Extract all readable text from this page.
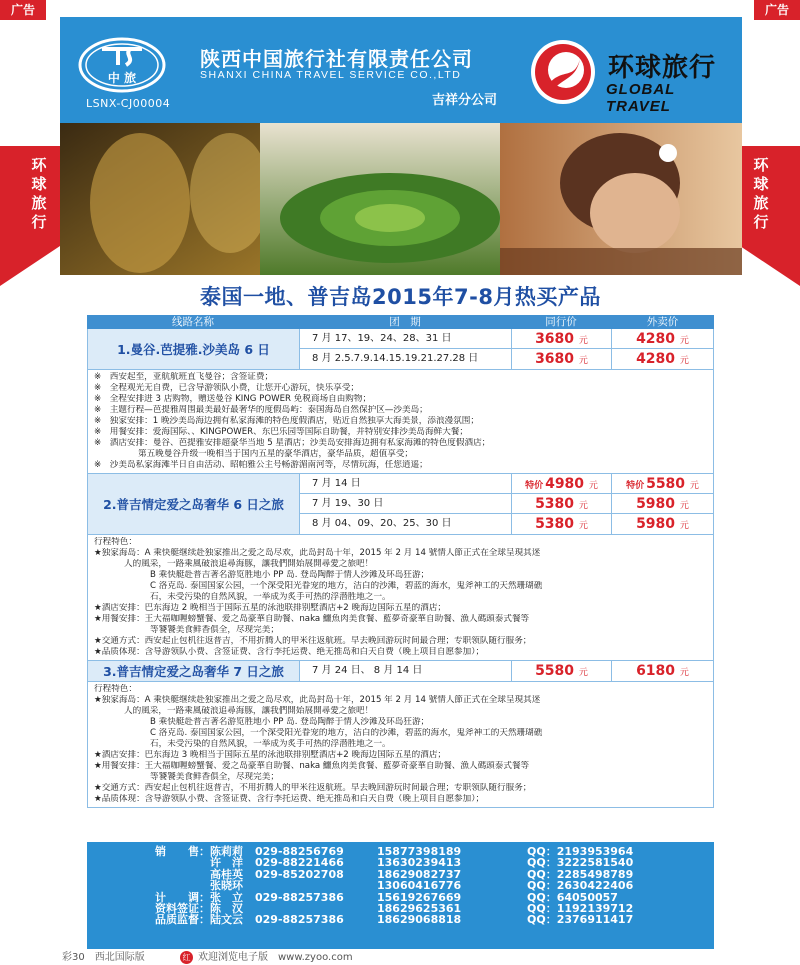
广告	广告
中 旅
LSNX-CJ00004
陕西中国旅行社有限责任公司
SHANXI CHINA TRAVEL SERVICE CO.,LTD
吉祥分公司
环球旅行
GLOBAL TRAVEL
环
球
旅
行
环
球
旅
行
泰国一地、普吉岛2015年7-8月热买产品
线路名称	团　期	同行价	外卖价
1.曼谷.芭提雅.沙美岛 6 日
7 月 17、19、24、28、31 日	3680 元	4280 元
8 月 2.5.7.9.14.15.19.21.27.28 日	3680 元	4280 元
※　西安起至，亚航航班直飞曼谷；含签证费；
※　全程观光无自费，已含导游领队小费，让您开心游玩，快乐享受；
※　全程安排进 3 店购物，赠送曼谷 KING POWER 免税商场自由购物；
※　主题行程—芭提雅周围最美最好最奢华的度假岛屿：泰国海岛自然保护区—沙美岛；
※　独家安排：1 晚沙美岛海边拥有私家海滩的特色度假酒店，贴近自然独享大海美景，添浪漫氛围；
※　用餐安排：爱海国际、、KINGPOWER、东巴乐园等国际自助餐，并特别安排沙美岛海鲜大餐；
※　酒店安排：曼谷、芭提雅安排超豪华当地 5 星酒店；沙美岛安排海边拥有私家海滩的特色度假酒店；
第五晚曼谷升级一晚相当于国内五星的豪华酒店，豪华品质，超值享受；
※　沙美岛私家海滩半日自由活动、昭帕雅公主号畅游湄南河等，尽情玩海，任您逍遥；
2.普吉情定爱之岛奢华 6 日之旅
7 月 14 日	特价 4980 元	特价 5580 元
7 月 19、30 日	5380 元	5980 元
8 月 04、09、20、25、30 日	5380 元	5980 元
行程特色：
★独家海岛：A 乘快艇继续赴独家推出之爱之岛尽欢，此岛封岛十年，2015 年 2 月 14 號情人節正式在全球呈現其迷
人的風采，一路乘風破浪追尋海豚，讓我們開始展開尋愛之旅吧！
B 乘快艇赴普吉著名游览胜地小 PP 岛. 登岛陶醉于情人沙滩及环岛狂游；
C 洛克岛. 泰国国家公园，一个深受阳光眷宠的地方，洁白的沙滩，碧蓝的海水，鬼斧神工的天然珊瑚礁
石，未受污染的自然风貌，一举成为炙手可热的浮潜胜地之一。
★酒店安排：巴东海边 2 晚相当于国际五星的泳池联排别墅酒店+2 晚海边国际五星的酒店；
★用餐安排：王大福咖喱螃蟹餐、爱之岛豪華自助餐、naka 鱷魚肉美食餐、藍夢奇豪華自助餐、漁人碼頭泰式餐等
等饕饕美食鲜香俱全，尽现完美；
★交通方式：西安起止包机往返普吉，不用折腾人的甲米往返航班。早去晚回游玩时间最合理；专职领队随行服务；
★品质体现：含导游领队小费、含签证费、含行李托运费、绝无推岛和白天自费（晚上项目自愿参加）；
3.普吉情定爱之岛奢华 7 日之旅	7 月 24 日、 8 月 14 日	5580 元	6180 元
行程特色：
★独家海岛：A 乘快艇继续赴独家推出之爱之岛尽欢，此岛封岛十年，2015 年 2 月 14 號情人節正式在全球呈現其迷
人的風采，一路乘風破浪追尋海豚，讓我們開始展開尋愛之旅吧！
B 乘快艇赴普吉著名游览胜地小 PP 岛. 登岛陶醉于情人沙滩及环岛狂游；
C 洛克岛. 泰国国家公园，一个深受阳光眷宠的地方，洁白的沙滩，碧蓝的海水，鬼斧神工的天然珊瑚礁
石，未受污染的自然风貌，一举成为炙手可热的浮潜胜地之一。
★酒店安排：巴东海边 3 晚相当于国际五星的泳池联排别墅酒店+2 晚海边国际五星的酒店；
★用餐安排：王大福咖喱螃蟹餐、爱之岛豪華自助餐、naka 鱷魚肉美食餐、藍夢奇豪華自助餐、漁人碼頭泰式餐等
等饕饕美食鲜香俱全，尽现完美；
★交通方式：西安起止包机往返普吉，不用折腾人的甲米往返航班。早去晚回游玩时间最合理；专职领队随行服务；
★品质体现：含导游领队小费、含签证费、含行李托运费、绝无推岛和白天自费（晚上项目自愿参加）；
销　　售：陈莉莉	029-88256769	15877398189	QQ：2193953964
许　洋	029-88221466	13630239413	QQ：3222581540
高桂英	029-85202708	18629082737	QQ：2285498789
张晓环	13060416776	QQ：2630422406
计　　调：张　立	029-88257386	15619267669	QQ：64050057
资料签证：陈　汉	18629625361	QQ：1192139712
品质监督：陆文云	029-88257386	18629068818	QQ：2376911417
彩30　西北国际版	红 欢迎浏览电子版　www.zyoo.com
